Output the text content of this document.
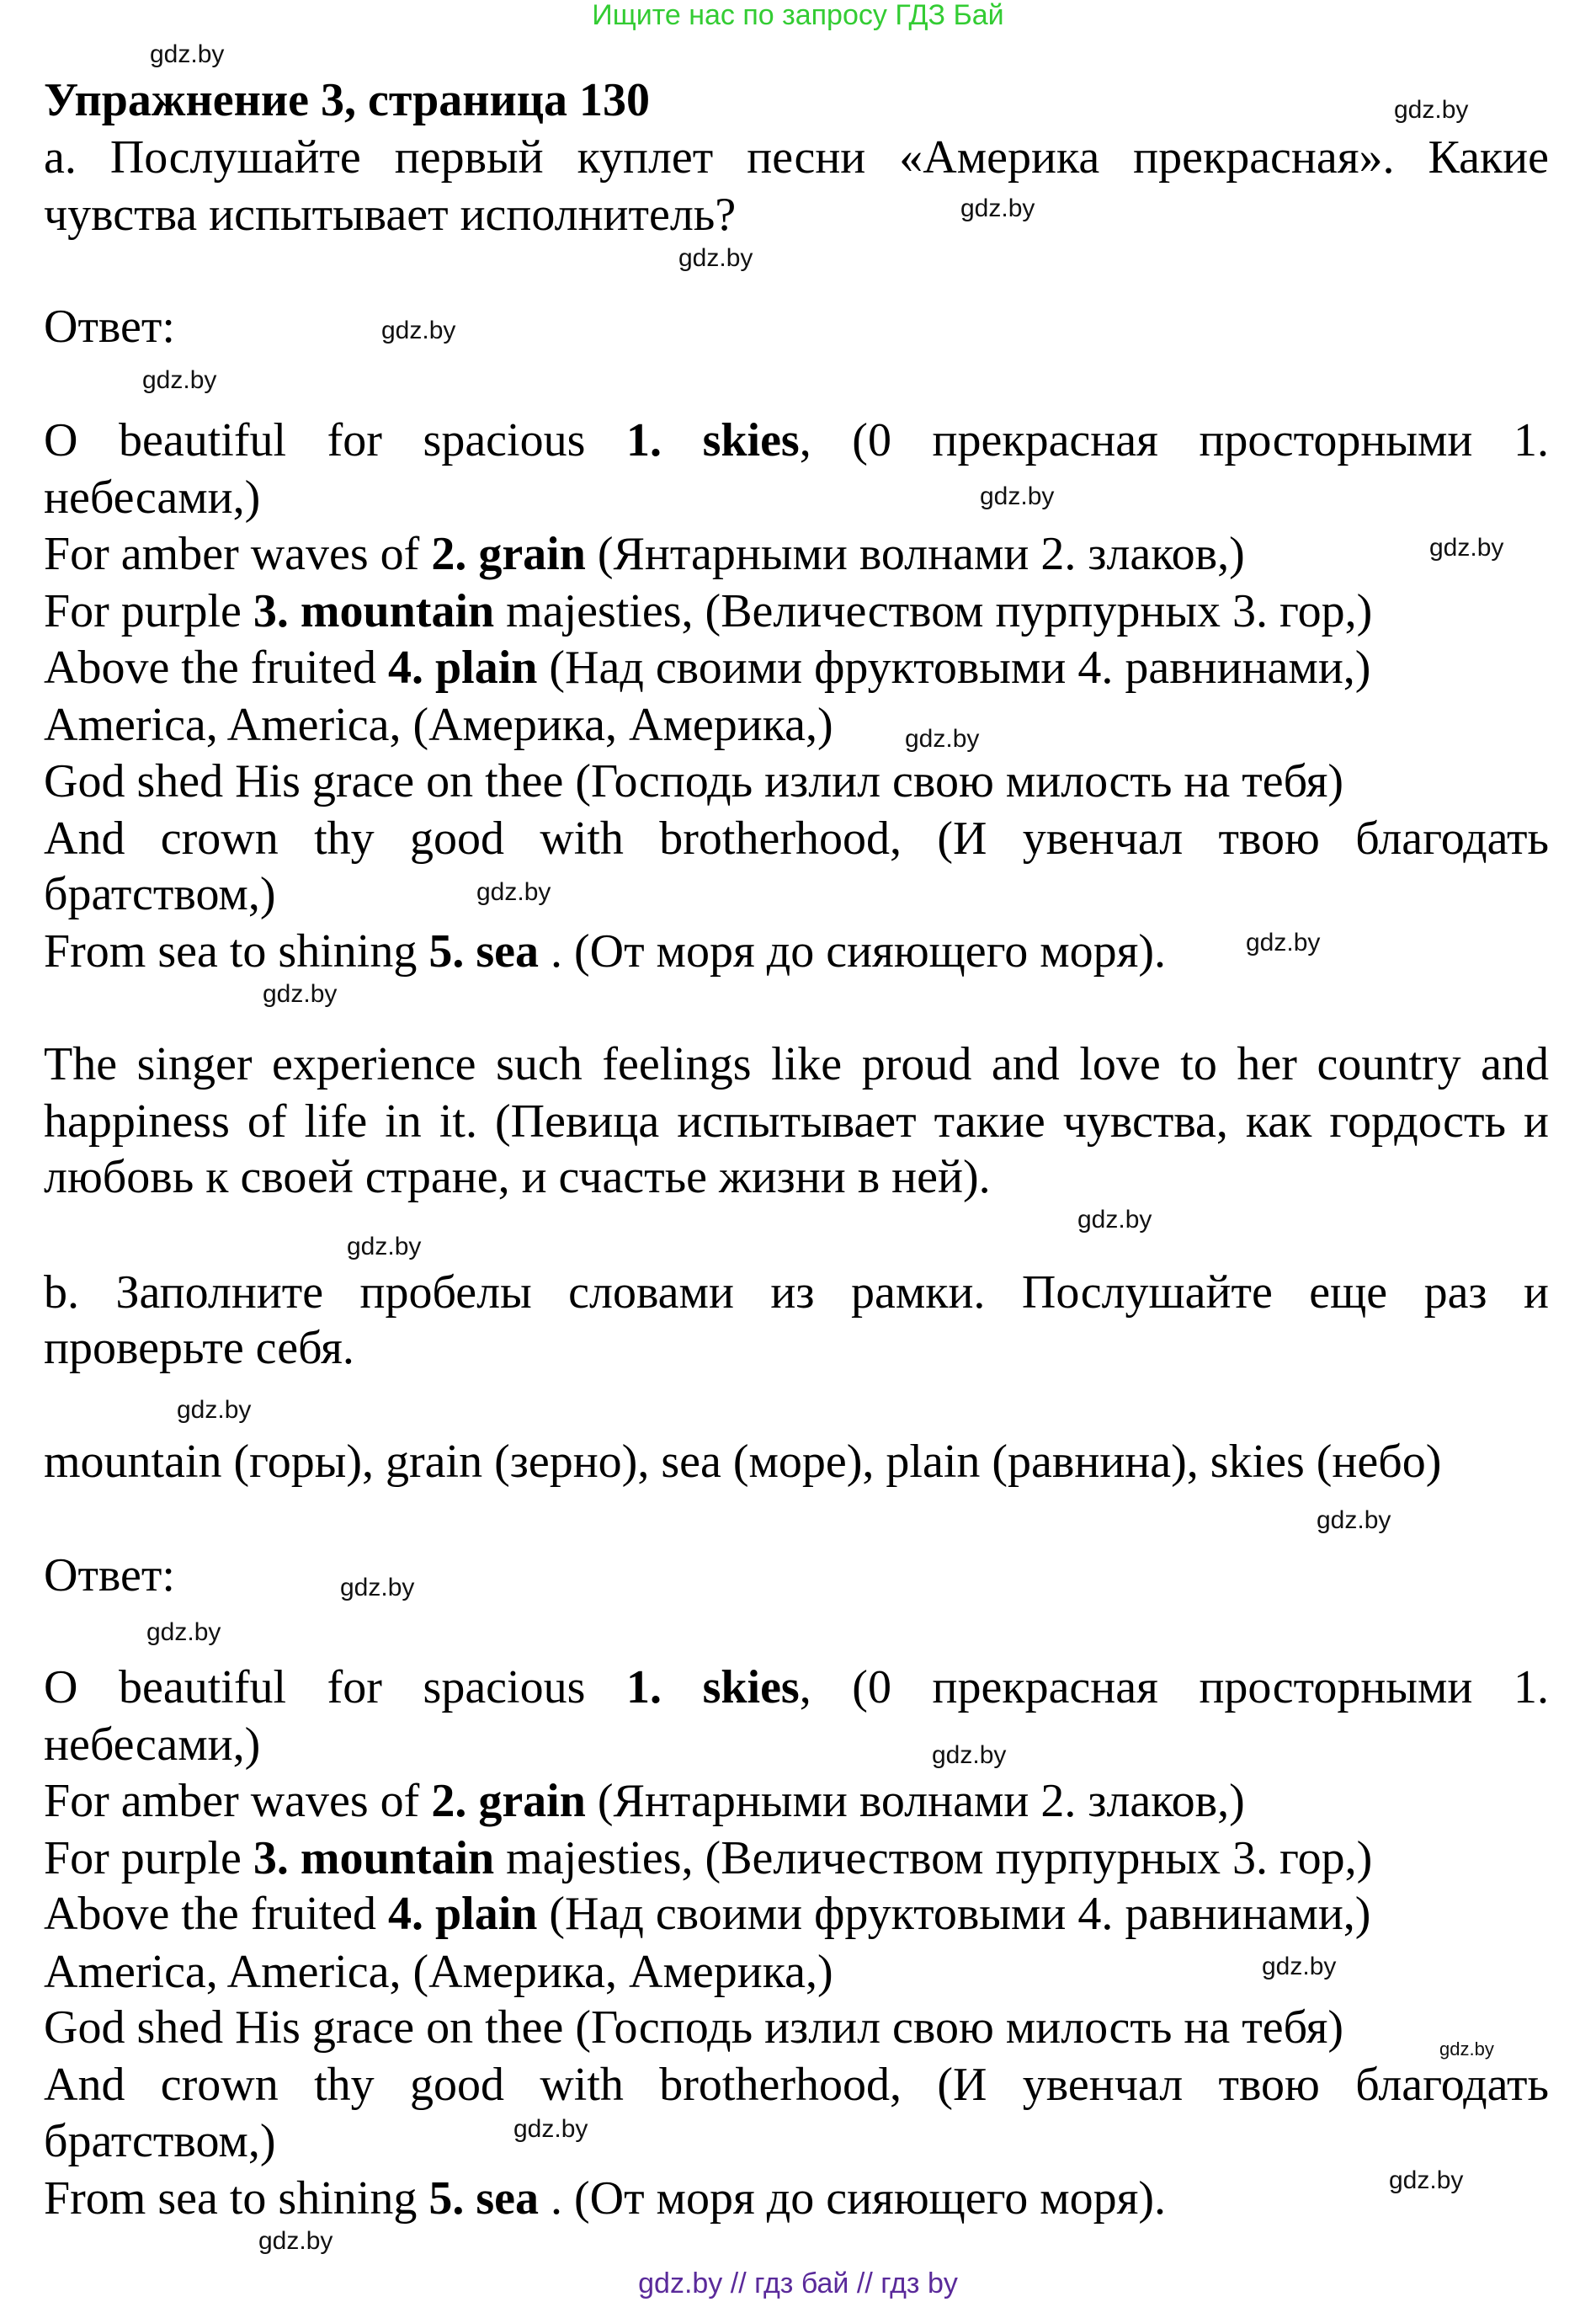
Ищите нас по запросу ГДЗ Бай
Упражнение 3, страница 130
a. Послушайте первый куплет песни «Америка прекрасная». Какие
чувства испытывает исполнитель?
Ответ:
O beautiful for spacious 1. skies, (0 прекрасная просторными 1.
небесами,)
For amber waves of 2. grain (Янтарными волнами 2. злаков,)
For purple 3. mountain majesties, (Величеством пурпурных 3. гор,)
Above the fruited 4. plain (Над своими фруктовыми 4. равнинами,)
America, America, (Америка, Америка,)
God shed His grace on thee (Господь излил свою милость на тебя)
And crown thy good with brotherhood, (И увенчал твою благодать
братством,)
From sea to shining 5. sea . (От моря до сияющего моря).
The singer experience such feelings like proud and love to her country and
happiness of life in it. (Певица испытывает такие чувства, как гордость и
любовь к своей стране, и счастье жизни в ней).
b. Заполните пробелы словами из рамки. Послушайте еще раз и
проверьте себя.
mountain (горы), grain (зерно), sea (море), plain (равнина), skies (небо)
Ответ:
O beautiful for spacious 1. skies, (0 прекрасная просторными 1.
небесами,)
For amber waves of 2. grain (Янтарными волнами 2. злаков,)
For purple 3. mountain majesties, (Величеством пурпурных 3. гор,)
Above the fruited 4. plain (Над своими фруктовыми 4. равнинами,)
America, America, (Америка, Америка,)
God shed His grace on thee (Господь излил свою милость на тебя)
And crown thy good with brotherhood, (И увенчал твою благодать
братством,)
From sea to shining 5. sea . (От моря до сияющего моря).
gdz.by
gdz.by
gdz.by
gdz.by
gdz.by
gdz.by
gdz.by
gdz.by
gdz.by
gdz.by
gdz.by
gdz.by
gdz.by
gdz.by
gdz.by
gdz.by
gdz.by
gdz.by
gdz.by
gdz.by
gdz.by
gdz.by
gdz.by
gdz.by
gdz.by // гдз бай // гдз by
